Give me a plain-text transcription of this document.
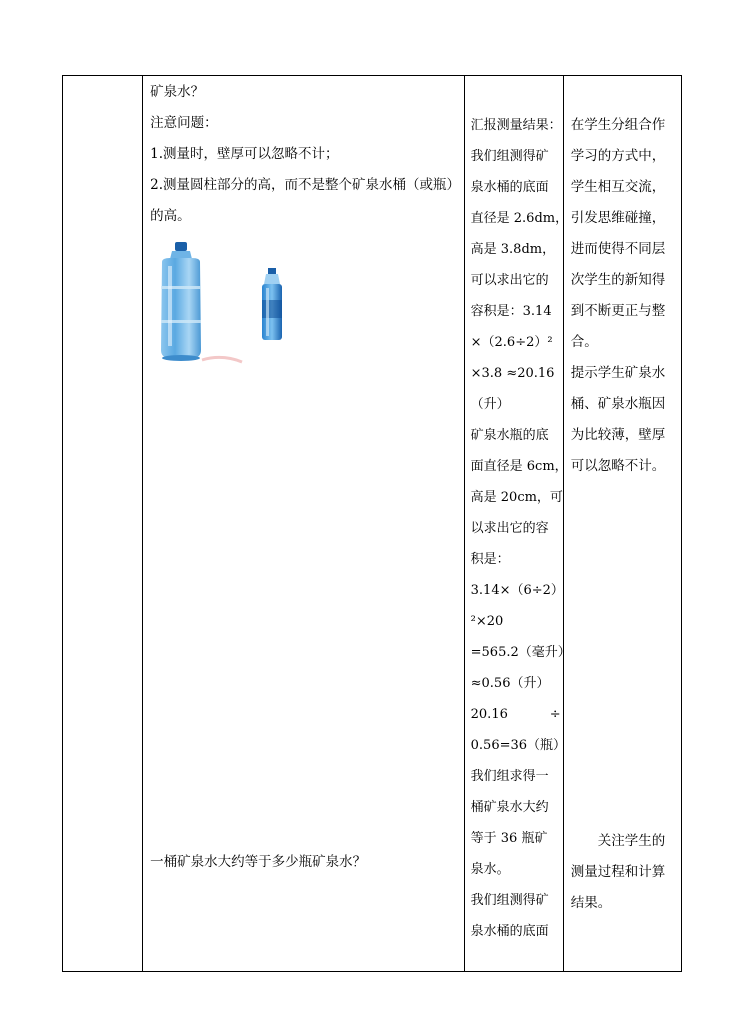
矿泉水？
注意问题：
1.测量时，壁厚可以忽略不计；
2.测量圆柱部分的高，而不是整个矿泉水桶（或瓶）
的高。
一桶矿泉水大约等于多少瓶矿泉水？

汇报测量结果：
我们组测得矿
泉水桶的底面
直径是 2.6dm，
高是 3.8dm，
可以求出它的
容积是：3.14
×（2.6÷2）²
×3.8 ≈20.16
（升）
矿泉水瓶的底
面直径是 6cm，
高是 20cm，可
以求出它的容
积是：
3.14×（6÷2）
²×20
=565.2（毫升）
≈0.56（升）
20.16	÷
0.56=36（瓶）
我们组求得一
桶矿泉水大约
等于 36 瓶矿
泉水。
我们组测得矿
泉水桶的底面

在学生分组合作
学习的方式中，
学生相互交流，
引发思维碰撞，
进而使得不同层
次学生的新知得
到不断更正与整
合。
提示学生矿泉水
桶、矿泉水瓶因
为比较薄，壁厚
可以忽略不计。
　　关注学生的
测量过程和计算
结果。
